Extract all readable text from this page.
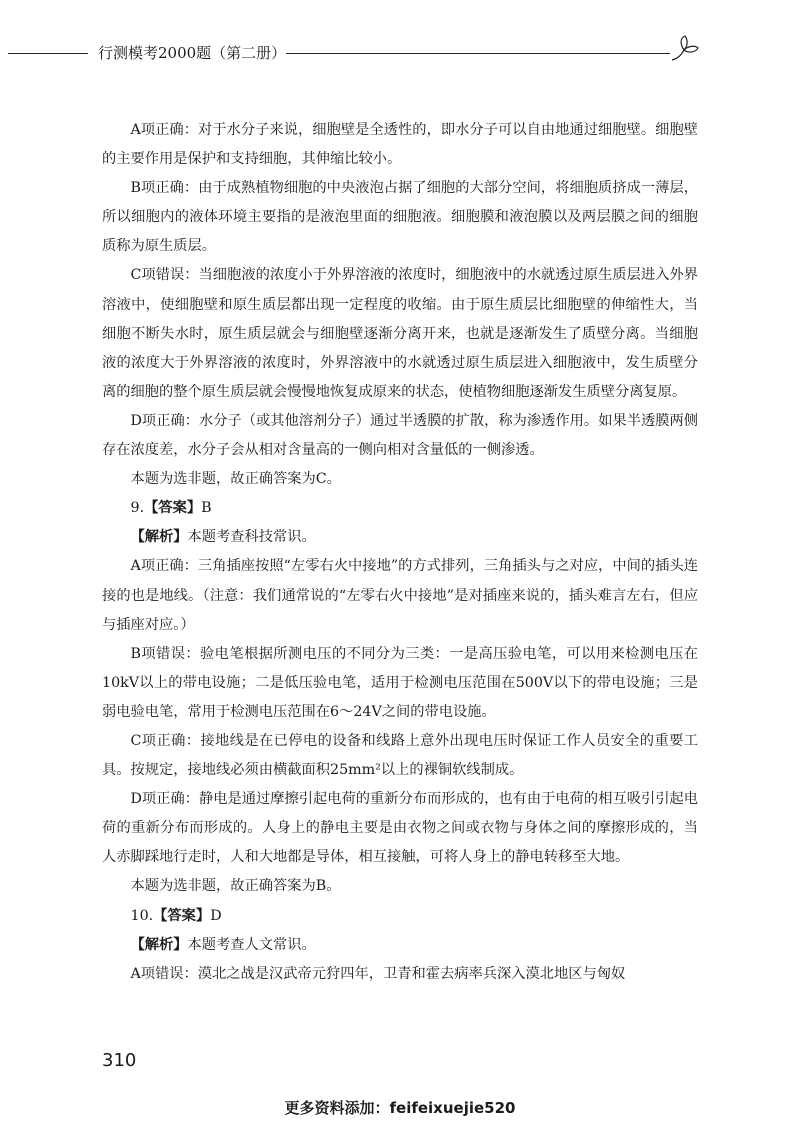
行测模考2000题（第二册）

A项正确：对于水分子来说，细胞壁是全透性的，即水分子可以自由地通过细胞壁。细胞壁的主要作用是保护和支持细胞，其伸缩比较小。

B项正确：由于成熟植物细胞的中央液泡占据了细胞的大部分空间，将细胞质挤成一薄层，所以细胞内的液体环境主要指的是液泡里面的细胞液。细胞膜和液泡膜以及两层膜之间的细胞质称为原生质层。

C项错误：当细胞液的浓度小于外界溶液的浓度时，细胞液中的水就透过原生质层进入外界溶液中，使细胞壁和原生质层都出现一定程度的收缩。由于原生质层比细胞壁的伸缩性大，当细胞不断失水时，原生质层就会与细胞壁逐渐分离开来，也就是逐渐发生了质壁分离。当细胞液的浓度大于外界溶液的浓度时，外界溶液中的水就透过原生质层进入细胞液中，发生质壁分离的细胞的整个原生质层就会慢慢地恢复成原来的状态，使植物细胞逐渐发生质壁分离复原。

D项正确：水分子（或其他溶剂分子）通过半透膜的扩散，称为渗透作用。如果半透膜两侧存在浓度差，水分子会从相对含量高的一侧向相对含量低的一侧渗透。

本题为选非题，故正确答案为C。

9.【答案】B

【解析】本题考查科技常识。

A项正确：三角插座按照“左零右火中接地”的方式排列，三角插头与之对应，中间的插头连接的也是地线。（注意：我们通常说的“左零右火中接地”是对插座来说的，插头难言左右，但应与插座对应。）

B项错误：验电笔根据所测电压的不同分为三类：一是高压验电笔，可以用来检测电压在10kV以上的带电设施；二是低压验电笔，适用于检测电压范围在500V以下的带电设施；三是弱电验电笔，常用于检测电压范围在6～24V之间的带电设施。

C项正确：接地线是在已停电的设备和线路上意外出现电压时保证工作人员安全的重要工具。按规定，接地线必须由横截面积25mm²以上的裸铜软线制成。

D项正确：静电是通过摩擦引起电荷的重新分布而形成的，也有由于电荷的相互吸引引起电荷的重新分布而形成的。人身上的静电主要是由衣物之间或衣物与身体之间的摩擦形成的，当人赤脚踩地行走时，人和大地都是导体，相互接触，可将人身上的静电转移至大地。

本题为选非题，故正确答案为B。

10.【答案】D

【解析】本题考查人文常识。

A项错误：漠北之战是汉武帝元狩四年，卫青和霍去病率兵深入漠北地区与匈奴

310
更多资料添加：feifeixuejie520
